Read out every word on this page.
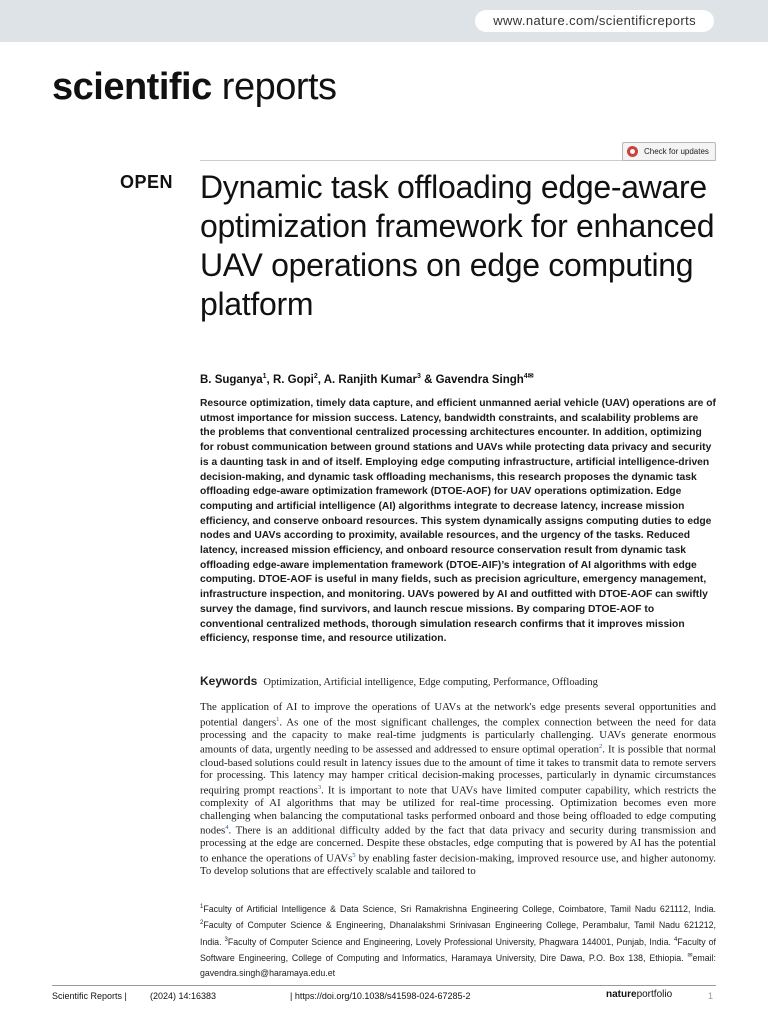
www.nature.com/scientificreports
scientific reports
Check for updates
OPEN Dynamic task offloading edge-aware optimization framework for enhanced UAV operations on edge computing platform
B. Suganya$^1$, R. Gopi$^2$, A. Ranjith Kumar$^3$ & Gavendra Singh$^{4✉}$
Resource optimization, timely data capture, and efficient unmanned aerial vehicle (UAV) operations are of utmost importance for mission success. Latency, bandwidth constraints, and scalability problems are the problems that conventional centralized processing architectures encounter. In addition, optimizing for robust communication between ground stations and UAVs while protecting data privacy and security is a daunting task in and of itself. Employing edge computing infrastructure, artificial intelligence-driven decision-making, and dynamic task offloading mechanisms, this research proposes the dynamic task offloading edge-aware optimization framework (DTOE-AOF) for UAV operations optimization. Edge computing and artificial intelligence (AI) algorithms integrate to decrease latency, increase mission efficiency, and conserve onboard resources. This system dynamically assigns computing duties to edge nodes and UAVs according to proximity, available resources, and the urgency of the tasks. Reduced latency, increased mission efficiency, and onboard resource conservation result from dynamic task offloading edge-aware implementation framework (DTOE-AIF)’s integration of AI algorithms with edge computing. DTOE-AOF is useful in many fields, such as precision agriculture, emergency management, infrastructure inspection, and monitoring. UAVs powered by AI and outfitted with DTOE-AOF can swiftly survey the damage, find survivors, and launch rescue missions. By comparing DTOE-AOF to conventional centralized methods, thorough simulation research confirms that it improves mission efficiency, response time, and resource utilization.
Keywords Optimization, Artificial intelligence, Edge computing, Performance, Offloading
The application of AI to improve the operations of UAVs at the network's edge presents several opportunities and potential dangers$^1$. As one of the most significant challenges, the complex connection between the need for data processing and the capacity to make real-time judgments is particularly challenging. UAVs generate enormous amounts of data, urgently needing to be assessed and addressed to ensure optimal operation$^2$. It is possible that normal cloud-based solutions could result in latency issues due to the amount of time it takes to transmit data to remote servers for processing. This latency may hamper critical decision-making processes, particularly in dynamic circumstances requiring prompt reactions$^3$. It is important to note that UAVs have limited computer capability, which restricts the complexity of AI algorithms that may be utilized for real-time processing. Optimization becomes even more challenging when balancing the computational tasks performed onboard and those being offloaded to edge computing nodes$^4$. There is an additional difficulty added by the fact that data privacy and security during transmission and processing at the edge are concerned. Despite these obstacles, edge computing that is powered by AI has the potential to enhance the operations of UAVs$^5$ by enabling faster decision-making, improved resource use, and higher autonomy. To develop solutions that are effectively scalable and tailored to
$^1$Faculty of Artificial Intelligence & Data Science, Sri Ramakrishna Engineering College, Coimbatore, Tamil Nadu 621112, India. $^2$Faculty of Computer Science & Engineering, Dhanalakshmi Srinivasan Engineering College, Perambalur, Tamil Nadu 621212, India. $^3$Faculty of Computer Science and Engineering, Lovely Professional University, Phagwara 144001, Punjab, India. $^4$Faculty of Software Engineering, College of Computing and Informatics, Haramaya University, Dire Dawa, P.O. Box 138, Ethiopia. ✉email: gavendra.singh@haramaya.edu.et
Scientific Reports |	(2024) 14:16383	| https://doi.org/10.1038/s41598-024-67285-2	natureportfolio	1
